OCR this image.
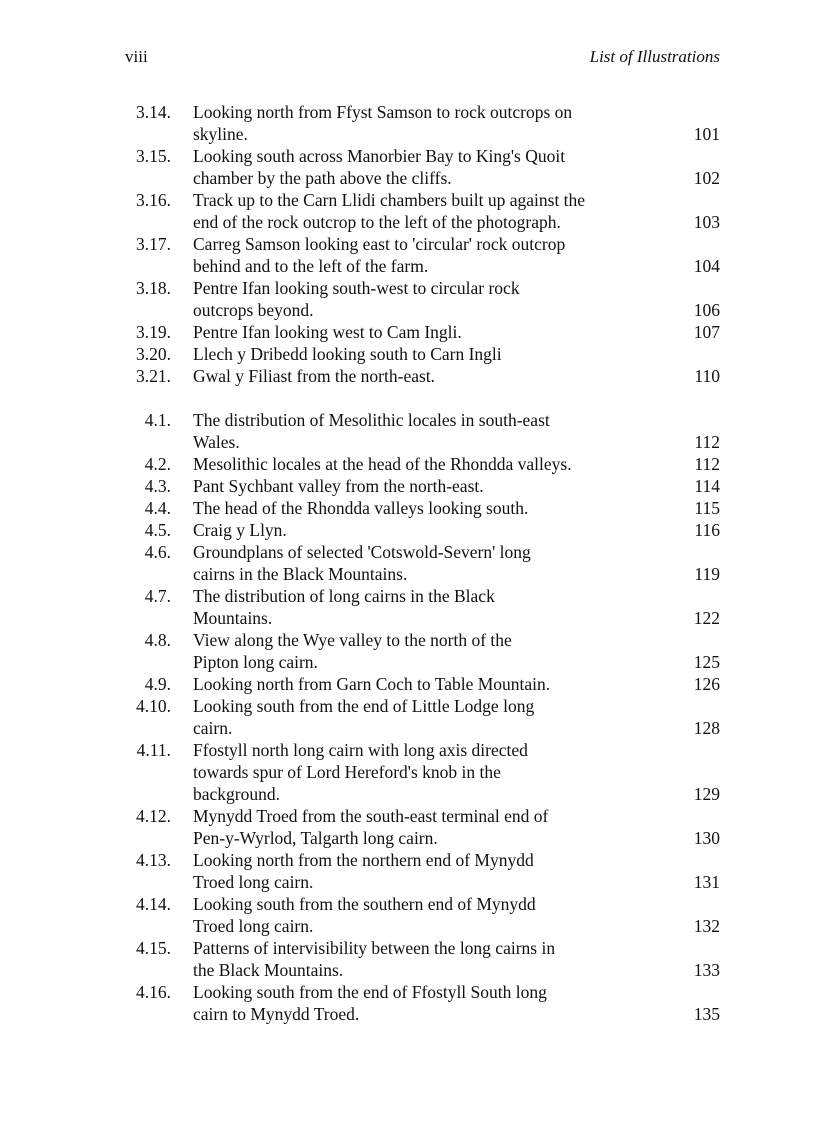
viii	List of Illustrations
3.14. Looking north from Ffyst Samson to rock outcrops on
skyline.	101
3.15. Looking south across Manorbier Bay to King's Quoit
chamber by the path above the cliffs.	102
3.16. Track up to the Carn Llidi chambers built up against the
end of the rock outcrop to the left of the photograph.	103
3.17. Carreg Samson looking east to 'circular' rock outcrop
behind and to the left of the farm.	104
3.18. Pentre Ifan looking south-west to circular rock
outcrops beyond.	106
3.19. Pentre Ifan looking west to Cam Ingli.	107
3.20. Llech y Dribedd looking south to Carn Ingli
3.21. Gwal y Filiast from the north-east.	110
4.1. The distribution of Mesolithic locales in south-east
Wales.	112
4.2. Mesolithic locales at the head of the Rhondda valleys.	112
4.3. Pant Sychbant valley from the north-east.	114
4.4. The head of the Rhondda valleys looking south.	115
4.5. Craig y Llyn.	116
4.6. Groundplans of selected 'Cotswold-Severn' long
cairns in the Black Mountains.	119
4.7. The distribution of long cairns in the Black
Mountains.	122
4.8. View along the Wye valley to the north of the
Pipton long cairn.	125
4.9. Looking north from Garn Coch to Table Mountain.	126
4.10. Looking south from the end of Little Lodge long
cairn.	128
4.11. Ffostyll north long cairn with long axis directed
towards spur of Lord Hereford's knob in the
background.	129
4.12. Mynydd Troed from the south-east terminal end of
Pen-y-Wyrlod, Talgarth long cairn.	130
4.13. Looking north from the northern end of Mynydd
Troed long cairn.	131
4.14. Looking south from the southern end of Mynydd
Troed long cairn.	132
4.15. Patterns of intervisibility between the long cairns in
the Black Mountains.	133
4.16. Looking south from the end of Ffostyll South long
cairn to Mynydd Troed.	135
